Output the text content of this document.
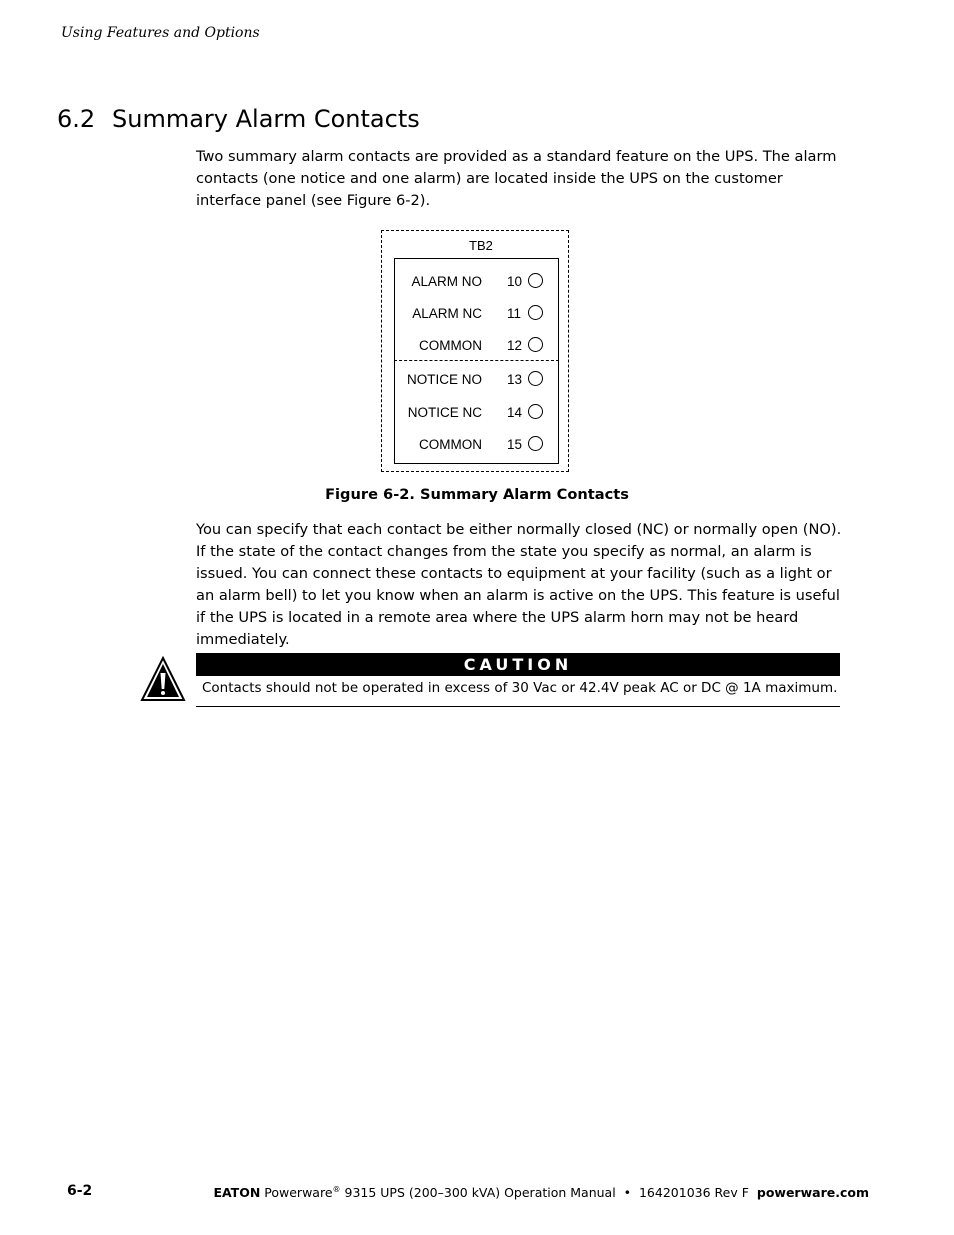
Using Features and Options
6.2 Summary Alarm Contacts

Two summary alarm contacts are provided as a standard feature on the UPS. The alarm contacts (one notice and one alarm) are located inside the UPS on the customer interface panel (see Figure 6-2).

TB2
ALARM NO 10
ALARM NC 11
COMMON 12
NOTICE NO 13
NOTICE NC 14
COMMON 15
Figure 6-2. Summary Alarm Contacts

You can specify that each contact be either normally closed (NC) or normally open (NO). If the state of the contact changes from the state you specify as normal, an alarm is issued. You can connect these contacts to equipment at your facility (such as a light or an alarm bell) to let you know when an alarm is active on the UPS. This feature is useful if the UPS is located in a remote area where the UPS alarm horn may not be heard immediately.

CAUTION
Contacts should not be operated in excess of 30 Vac or 42.4V peak AC or DC @ 1A maximum.
6-2	EATON Powerware® 9315 UPS (200–300 kVA) Operation Manual • 164201036 Rev F powerware.com
